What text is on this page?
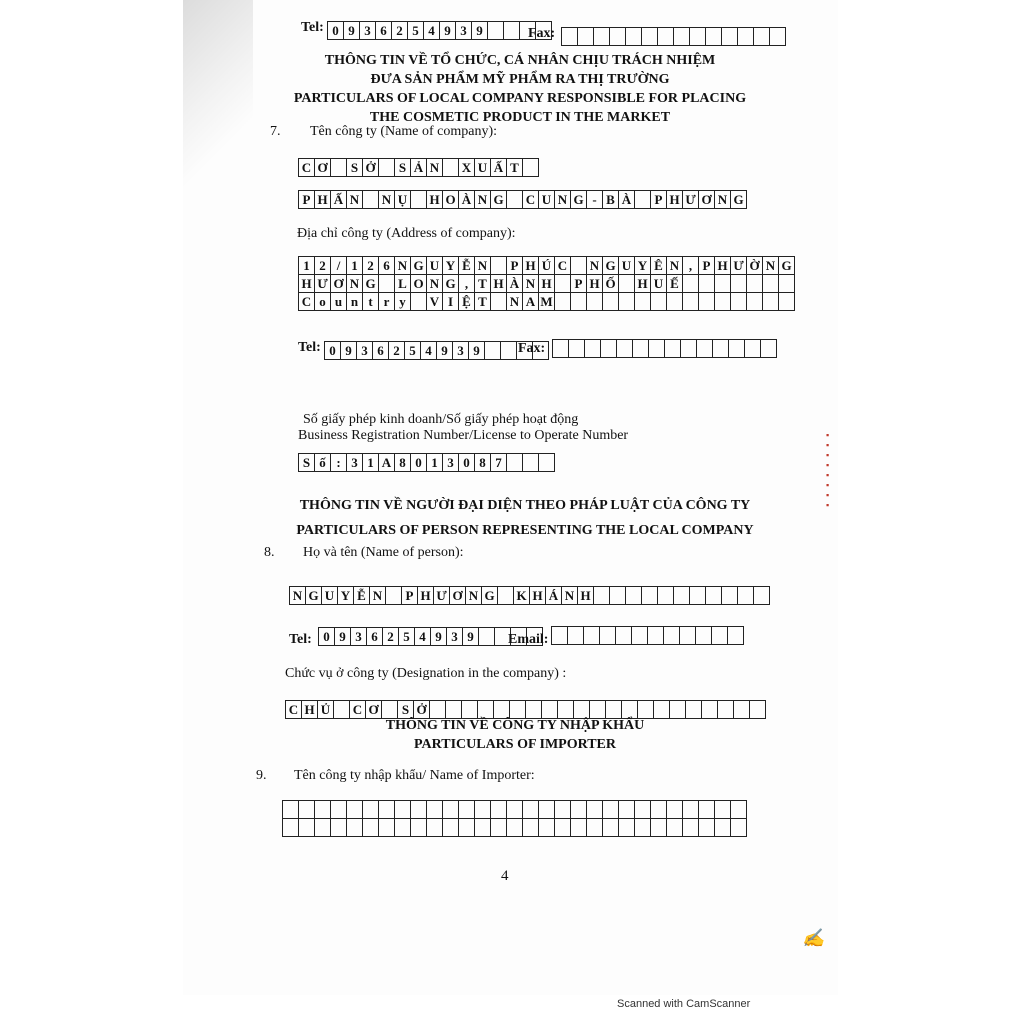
▪
▪
▪
▪
▪
▪
▪
▪
Tel: 0 9 3 6 2 5 4 9 3 9	Fax:
THÔNG TIN VỀ TỔ CHỨC, CÁ NHÂN CHỊU TRÁCH NHIỆM
ĐƯA SẢN PHẨM MỸ PHẨM RA THỊ TRƯỜNG
PARTICULARS OF LOCAL COMPANY RESPONSIBLE FOR PLACING
THE COSMETIC PRODUCT IN THE MARKET
7. Tên công ty (Name of company):
C Ơ	S Ở	S Ả N X U Ấ T
P H Ấ N N Ụ H O À N G C U N G - B À	P H Ư Ơ N G
Địa chỉ công ty (Address of company):
1 2 / 1 2 6 N G U Y Ễ N	P H Ú C N G U Y Ê N , P H Ư Ờ N G
H Ư Ơ N G	L O N G , T H À N H	P H Ố H U Ế
C o u n t r y	V I Ệ T	N A M
Tel: 0 9 3 6 2 5 4 9 3 9	Fax:
Số giấy phép kinh doanh/Số giấy phép hoạt động
Business Registration Number/License to Operate Number
S ố : 3 1 A 8 0 1 3 0 8 7
THÔNG TIN VỀ NGƯỜI ĐẠI DIỆN THEO PHÁP LUẬT CỦA CÔNG TY
PARTICULARS OF PERSON REPRESENTING THE LOCAL COMPANY
8. Họ và tên (Name of person):
N G U Y Ễ N	P H Ư Ơ N G K H Á N H
Tel: 0 9 3 6 2 5 4 9 3 9	Email:
Chức vụ ở công ty (Designation in the company) :
C H Ủ C Ơ	S Ở
THÔNG TIN VỀ CÔNG TY NHẬP KHẨU
PARTICULARS OF IMPORTER
9. Tên công ty nhập khẩu/ Name of Importer:
4
✍
Scanned with CamScanner
